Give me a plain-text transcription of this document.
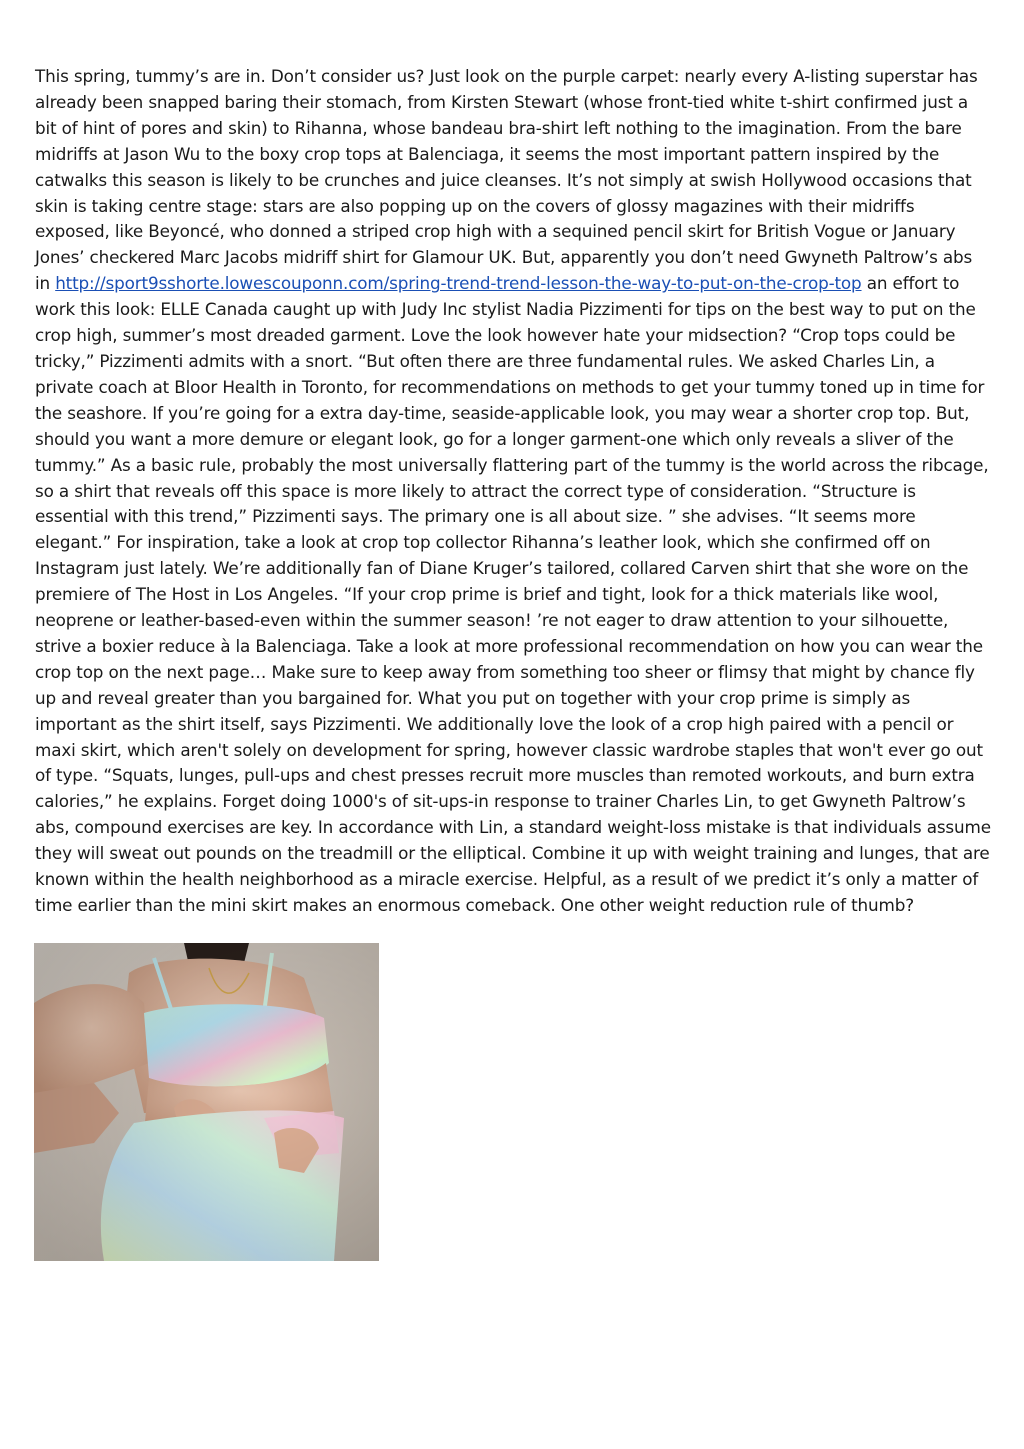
This spring, tummy’s are in. Don’t consider us? Just look on the purple carpet: nearly every A-listing superstar has already been snapped baring their stomach, from Kirsten Stewart (whose front-tied white t-shirt confirmed just a bit of hint of pores and skin) to Rihanna, whose bandeau bra-shirt left nothing to the imagination. From the bare midriffs at Jason Wu to the boxy crop tops at Balenciaga, it seems the most important pattern inspired by the catwalks this season is likely to be crunches and juice cleanses. It’s not simply at swish Hollywood occasions that skin is taking centre stage: stars are also popping up on the covers of glossy magazines with their midriffs exposed, like Beyoncé, who donned a striped crop high with a sequined pencil skirt for British Vogue or January Jones’ checkered Marc Jacobs midriff shirt for Glamour UK. But, apparently you don’t need Gwyneth Paltrow’s abs in http://sport9sshorte.lowescouponn.com/spring-trend-trend-lesson-the-way-to-put-on-the-crop-top an effort to work this look: ELLE Canada caught up with Judy Inc stylist Nadia Pizzimenti for tips on the best way to put on the crop high, summer’s most dreaded garment. Love the look however hate your midsection? “Crop tops could be tricky,” Pizzimenti admits with a snort. “But often there are three fundamental rules. We asked Charles Lin, a private coach at Bloor Health in Toronto, for recommendations on methods to get your tummy toned up in time for the seashore. If you’re going for a extra day-time, seaside-applicable look, you may wear a shorter crop top. But, should you want a more demure or elegant look, go for a longer garment-one which only reveals a sliver of the tummy.” As a basic rule, probably the most universally flattering part of the tummy is the world across the ribcage, so a shirt that reveals off this space is more likely to attract the correct type of consideration. “Structure is essential with this trend,” Pizzimenti says. The primary one is all about size. ” she advises. “It seems more elegant.” For inspiration, take a look at crop top collector Rihanna’s leather look, which she confirmed off on Instagram just lately. We’re additionally fan of Diane Kruger’s tailored, collared Carven shirt that she wore on the premiere of The Host in Los Angeles. “If your crop prime is brief and tight, look for a thick materials like wool, neoprene or leather-based-even within the summer season! ’re not eager to draw attention to your silhouette, strive a boxier reduce à la Balenciaga. Take a look at more professional recommendation on how you can wear the crop top on the next page… Make sure to keep away from something too sheer or flimsy that might by chance fly up and reveal greater than you bargained for. What you put on together with your crop prime is simply as important as the shirt itself, says Pizzimenti. We additionally love the look of a crop high paired with a pencil or maxi skirt, which aren't solely on development for spring, however classic wardrobe staples that won't ever go out of type. “Squats, lunges, pull-ups and chest presses recruit more muscles than remoted workouts, and burn extra calories,” he explains. Forget doing 1000's of sit-ups-in response to trainer Charles Lin, to get Gwyneth Paltrow’s abs, compound exercises are key. In accordance with Lin, a standard weight-loss mistake is that individuals assume they will sweat out pounds on the treadmill or the elliptical. Combine it up with weight training and lunges, that are known within the health neighborhood as a miracle exercise. Helpful, as a result of we predict it’s only a matter of time earlier than the mini skirt makes an enormous comeback. One other weight reduction rule of thumb?
